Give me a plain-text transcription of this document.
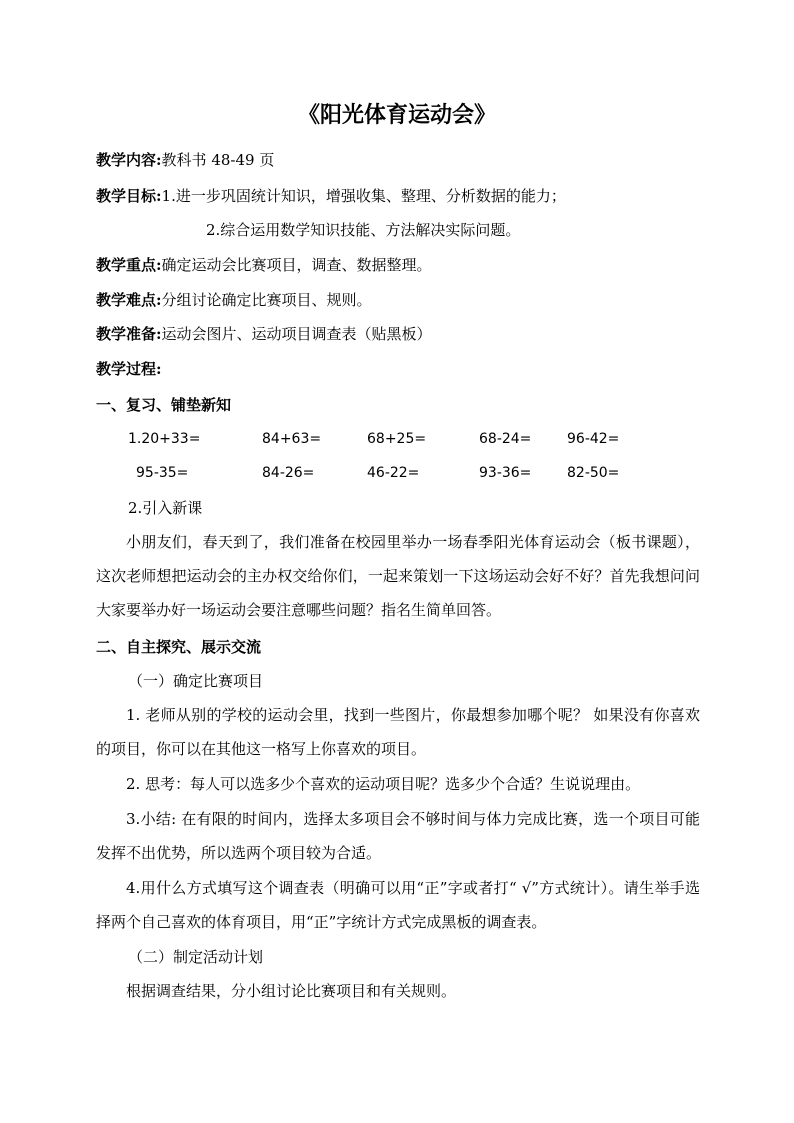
《阳光体育运动会》
教学内容:教科书 48-49 页
教学目标:1.进一步巩固统计知识，增强收集、整理、分析数据的能力；
2.综合运用数学知识技能、方法解决实际问题。
教学重点:确定运动会比赛项目，调查、数据整理。
教学难点:分组讨论确定比赛项目、规则。
教学准备:运动会图片、运动项目调查表（贴黑板）
教学过程:
一、复习、铺垫新知
1.20+33=	84+63=	68+25=	68-24=	96-42=
95-35=	84-26=	46-22=	93-36=	82-50=
2.引入新课
小朋友们，春天到了，我们准备在校园里举办一场春季阳光体育运动会（板书课题），这次老师想把运动会的主办权交给你们，一起来策划一下这场运动会好不好？首先我想问问大家要举办好一场运动会要注意哪些问题？指名生简单回答。
二、自主探究、展示交流
（一）确定比赛项目
1. 老师从别的学校的运动会里，找到一些图片，你最想参加哪个呢？ 如果没有你喜欢的项目，你可以在其他这一格写上你喜欢的项目。
2. 思考：每人可以选多少个喜欢的运动项目呢？选多少个合适？生说说理由。
3.小结: 在有限的时间内，选择太多项目会不够时间与体力完成比赛，选一个项目可能发挥不出优势，所以选两个项目较为合适。
4.用什么方式填写这个调查表（明确可以用“正”字或者打“ √”方式统计）。请生举手选择两个自己喜欢的体育项目，用“正”字统计方式完成黑板的调查表。
（二）制定活动计划
根据调查结果，分小组讨论比赛项目和有关规则。
